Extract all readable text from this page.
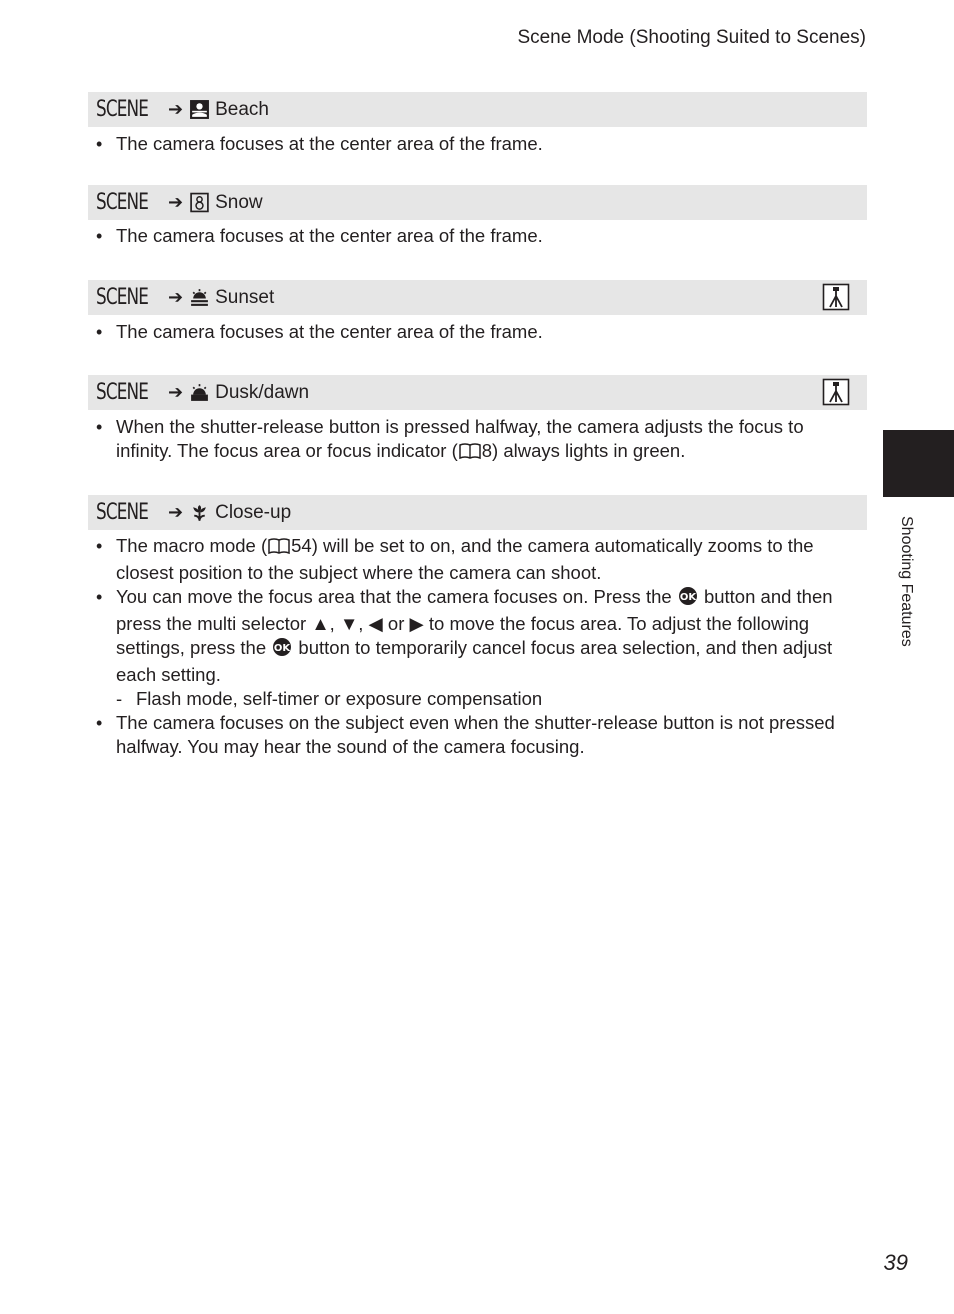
Scene Mode (Shooting Suited to Scenes)
SCENE	➔ Beach
• The camera focuses at the center area of the frame.
SCENE	➔ Snow
• The camera focuses at the center area of the frame.
SCENE	➔ Sunset
• The camera focuses at the center area of the frame.
SCENE	➔ Dusk/dawn
• When the shutter-release button is pressed halfway, the camera adjusts the focus to infinity. The focus area or focus indicator ( 8) always lights in green.
SCENE	➔ Close-up
• The macro mode ( 54) will be set to on, and the camera automatically zooms to the closest position to the subject where the camera can shoot.
• You can move the focus area that the camera focuses on. Press the OK button and then press the multi selector ▲, ▼, ◀ or ▶ to move the focus area. To adjust the following settings, press the OK button to temporarily cancel focus area selection, and then adjust each setting.
- Flash mode, self-timer or exposure compensation
• The camera focuses on the subject even when the shutter-release button is not pressed halfway. You may hear the sound of the camera focusing.
Shooting Features
39
